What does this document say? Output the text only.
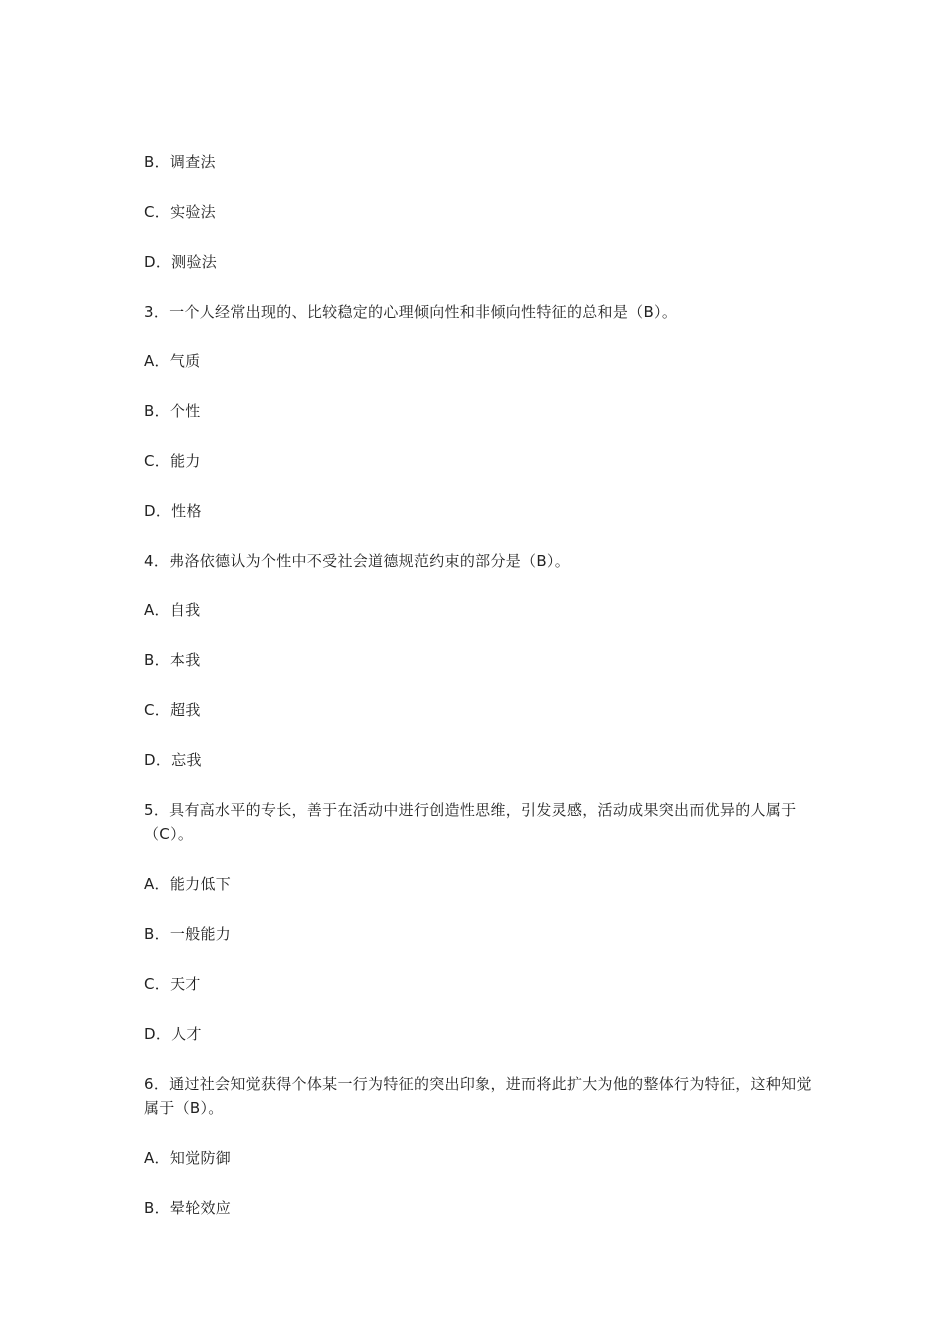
B．调查法
C．实验法
D．测验法
3．一个人经常出现的、比较稳定的心理倾向性和非倾向性特征的总和是（B）。
A．气质
B．个性
C．能力
D．性格
4．弗洛依德认为个性中不受社会道德规范约束的部分是（B）。
A．自我
B．本我
C．超我
D．忘我
5．具有高水平的专长，善于在活动中进行创造性思维，引发灵感，活动成果突出而优异的人属于（C）。
A．能力低下
B．一般能力
C．天才
D．人才
6．通过社会知觉获得个体某一行为特征的突出印象，进而将此扩大为他的整体行为特征，这种知觉属于（B）。
A．知觉防御
B．晕轮效应
